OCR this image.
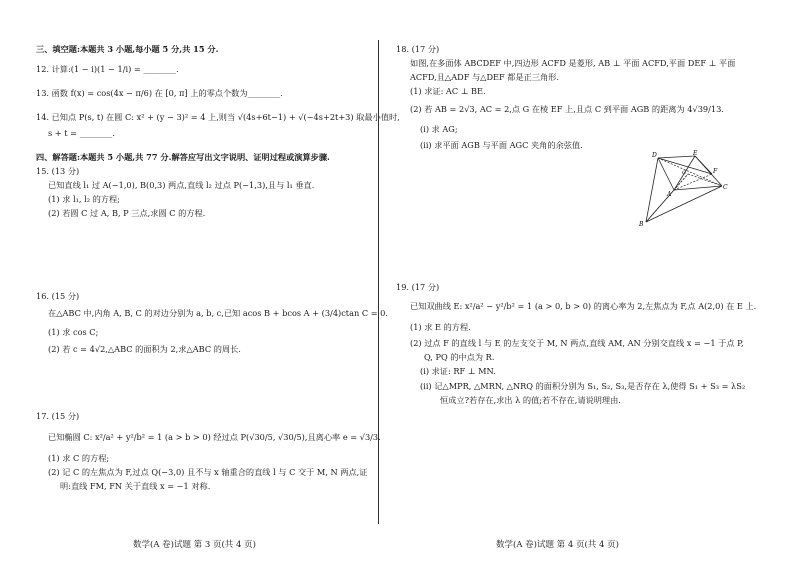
三、填空题:本题共 3 小题,每小题 5 分,共 15 分.
12. 计算:(1 − i)(1 − 1/i) = ________.
13. 函数 f(x) = cos(4x − π/6) 在 [0, π] 上的零点个数为________.
14. 已知点 P(s, t) 在圆 C: x² + (y − 3)² = 4 上,则当 √(4s+6t−1) + √(−4s+2t+3) 取最小值时,
s + t = ________.
四、解答题:本题共 5 小题,共 77 分.解答应写出文字说明、证明过程或演算步骤.
15. (13 分)
已知直线 l₁ 过 A(−1,0), B(0,3) 两点,直线 l₂ 过点 P(−1,3),且与 l₁ 垂直.
(1) 求 l₁, l₂ 的方程;
(2) 若圆 C 过 A, B, P 三点,求圆 C 的方程.
16. (15 分)
在△ABC 中,内角 A, B, C 的对边分别为 a, b, c,已知 acos B + bcos A + (3/4)ctan C = 0.
(1) 求 cos C;
(2) 若 c = 4√2,△ABC 的面积为 2,求△ABC 的周长.
17. (15 分)
已知椭圆 C: x²/a² + y²/b² = 1 (a > b > 0) 经过点 P(√30/5, √30/5),且离心率 e = √3/3.
(1) 求 C 的方程;
(2) 记 C 的左焦点为 F,过点 Q(−3,0) 且不与 x 轴重合的直线 l 与 C 交于 M, N 两点,证
明:直线 FM, FN 关于直线 x = −1 对称.
数学(A 卷)试题 第 3 页(共 4 页)
18. (17 分)
如图,在多面体 ABCDEF 中,四边形 ACFD 是菱形, AB ⊥ 平面 ACFD,平面 DEF ⊥ 平面
ACFD,且△ADF 与△DEF 都是正三角形.
(1) 求证: AC ⊥ BE.
(2) 若 AB = 2√3, AC = 2,点 G 在棱 EF 上,且点 C 到平面 AGB 的距离为 4√39/13.
(ⅰ) 求 AG;
(ⅱ) 求平面 AGB 与平面 AGC 夹角的余弦值.
D	E
F
G
A
C
B
19. (17 分)
已知双曲线 E: x²/a² − y²/b² = 1 (a > 0, b > 0) 的离心率为 2,左焦点为 F,点 A(2,0) 在 E 上.
(1) 求 E 的方程.
(2) 过点 F 的直线 l 与 E 的左支交于 M, N 两点,直线 AM, AN 分别交直线 x = −1 于点 P,
Q, PQ 的中点为 R.
(ⅰ) 求证: RF ⊥ MN.
(ⅱ) 记△MPR, △MRN, △NRQ 的面积分别为 S₁, S₂, S₃,是否存在 λ,使得 S₁ + S₃ = λS₂
恒成立?若存在,求出 λ 的值;若不存在,请说明理由.
数学(A 卷)试题 第 4 页(共 4 页)
